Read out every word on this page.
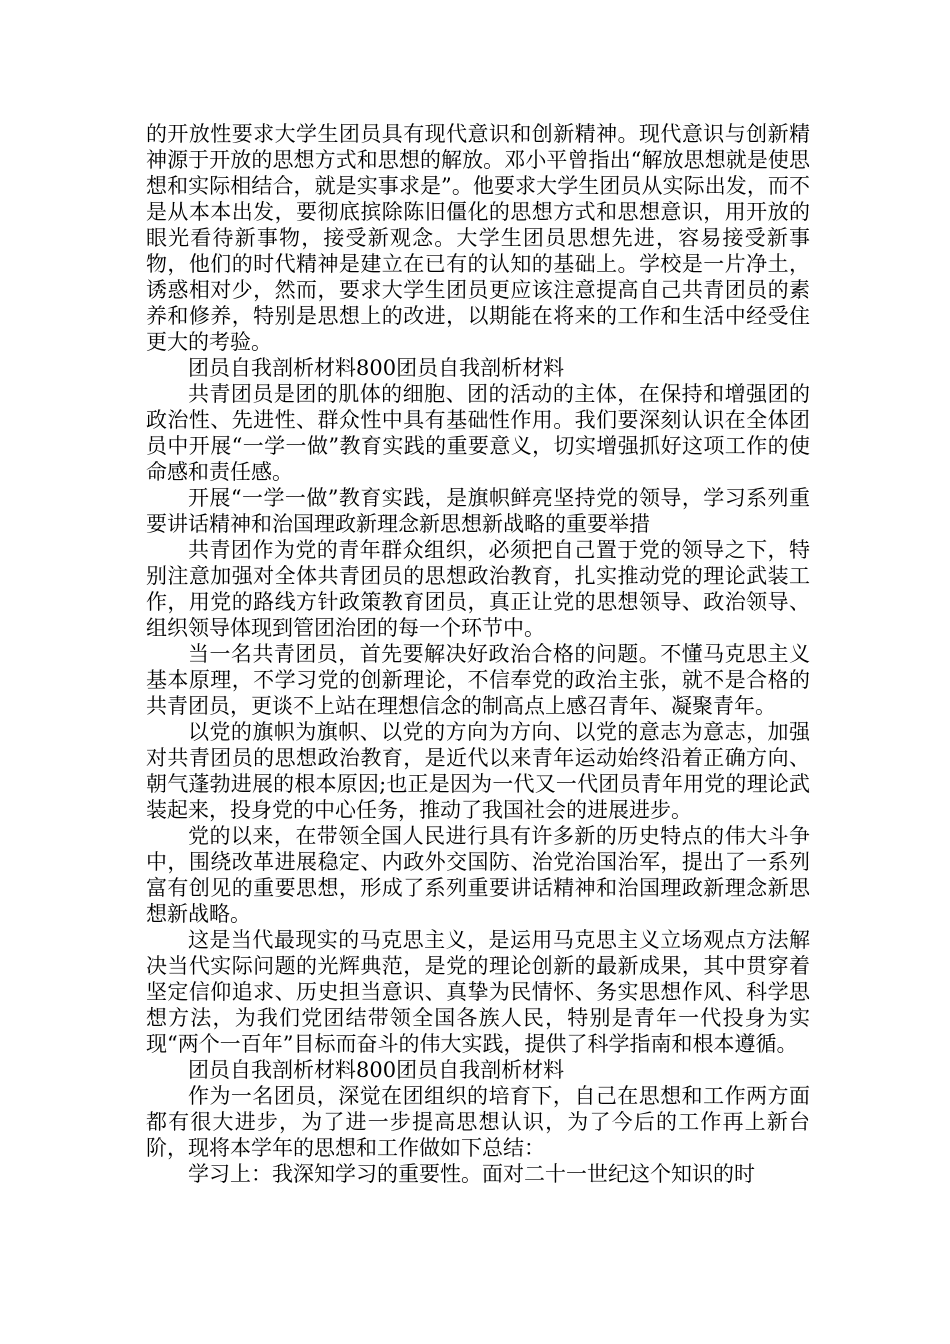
的开放性要求大学生团员具有现代意识和创新精神。现代意识与创新精神源于开放的思想方式和思想的解放。邓小平曾指出“解放思想就是使思想和实际相结合，就是实事求是”。他要求大学生团员从实际出发，而不是从本本出发，要彻底摈除陈旧僵化的思想方式和思想意识，用开放的眼光看待新事物，接受新观念。大学生团员思想先进，容易接受新事物，他们的时代精神是建立在已有的认知的基础上。学校是一片净土，诱惑相对少，然而，要求大学生团员更应该注意提高自己共青团员的素养和修养，特别是思想上的改进，以期能在将来的工作和生活中经受住更大的考验。

团员自我剖析材料800团员自我剖析材料

共青团员是团的肌体的细胞、团的活动的主体，在保持和增强团的政治性、先进性、群众性中具有基础性作用。我们要深刻认识在全体团员中开展“一学一做”教育实践的重要意义，切实增强抓好这项工作的使命感和责任感。

开展“一学一做”教育实践，是旗帜鲜亮坚持党的领导，学习系列重要讲话精神和治国理政新理念新思想新战略的重要举措

共青团作为党的青年群众组织，必须把自己置于党的领导之下，特别注意加强对全体共青团员的思想政治教育，扎实推动党的理论武装工作，用党的路线方针政策教育团员，真正让党的思想领导、政治领导、组织领导体现到管团治团的每一个环节中。

当一名共青团员，首先要解决好政治合格的问题。不懂马克思主义基本原理，不学习党的创新理论，不信奉党的政治主张，就不是合格的共青团员，更谈不上站在理想信念的制高点上感召青年、凝聚青年。

以党的旗帜为旗帜、以党的方向为方向、以党的意志为意志，加强对共青团员的思想政治教育，是近代以来青年运动始终沿着正确方向、朝气蓬勃进展的根本原因;也正是因为一代又一代团员青年用党的理论武装起来，投身党的中心任务，推动了我国社会的进展进步。

党的以来，在带领全国人民进行具有许多新的历史特点的伟大斗争中，围绕改革进展稳定、内政外交国防、治党治国治军，提出了一系列富有创见的重要思想，形成了系列重要讲话精神和治国理政新理念新思想新战略。

这是当代最现实的马克思主义，是运用马克思主义立场观点方法解决当代实际问题的光辉典范，是党的理论创新的最新成果，其中贯穿着坚定信仰追求、历史担当意识、真挚为民情怀、务实思想作风、科学思想方法，为我们党团结带领全国各族人民，特别是青年一代投身为实现“两个一百年”目标而奋斗的伟大实践，提供了科学指南和根本遵循。

团员自我剖析材料800团员自我剖析材料

作为一名团员，深觉在团组织的培育下，自己在思想和工作两方面都有很大进步，为了进一步提高思想认识，为了今后的工作再上新台阶，现将本学年的思想和工作做如下总结：

学习上：我深知学习的重要性。面对二十一世纪这个知识的时
